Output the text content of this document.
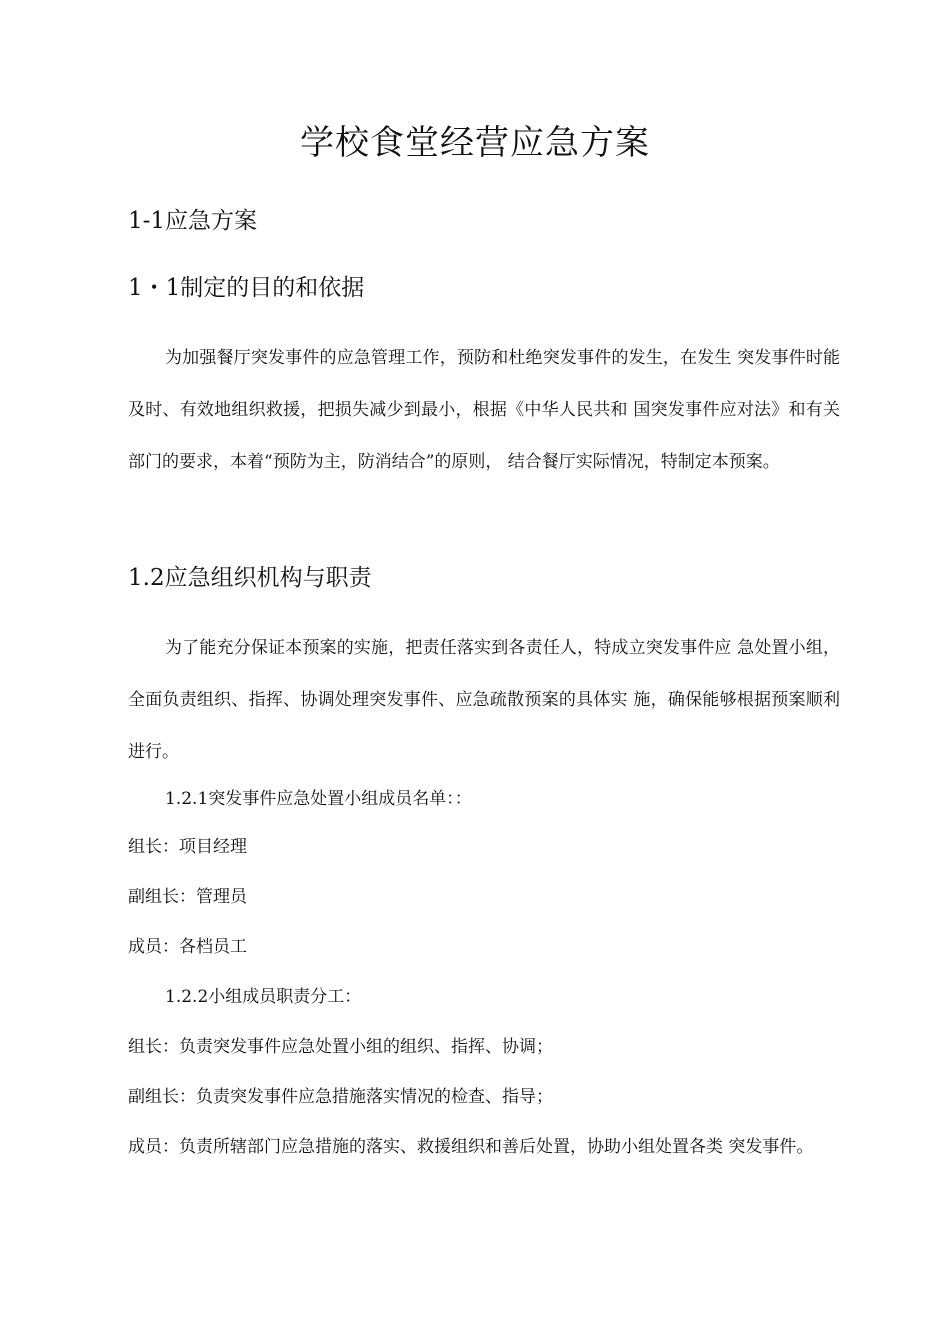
学校食堂经营应急方案
1-1应急方案
1・1制定的目的和依据
为加强餐厅突发事件的应急管理工作，预防和杜绝突发事件的发生，在发生 突发事件时能及时、有效地组织救援，把损失减少到最小，根据《中华人民共和 国突发事件应对法》和有关部门的要求，本着“预防为主，防消结合”的原则， 结合餐厅实际情况，特制定本预案。
1.2应急组织机构与职责
为了能充分保证本预案的实施，把责任落实到各责任人，特成立突发事件应 急处置小组，全面负责组织、指挥、协调处理突发事件、应急疏散预案的具体实 施，确保能够根据预案顺利进行。
1.2.1突发事件应急处置小组成员名单：：
组长：项目经理
副组长：管理员
成员：各档员工
1.2.2小组成员职责分工：
组长：负责突发事件应急处置小组的组织、指挥、协调；
副组长：负责突发事件应急措施落实情况的检查、指导；
成员：负责所辖部门应急措施的落实、救援组织和善后处置，协助小组处置各类 突发事件。
